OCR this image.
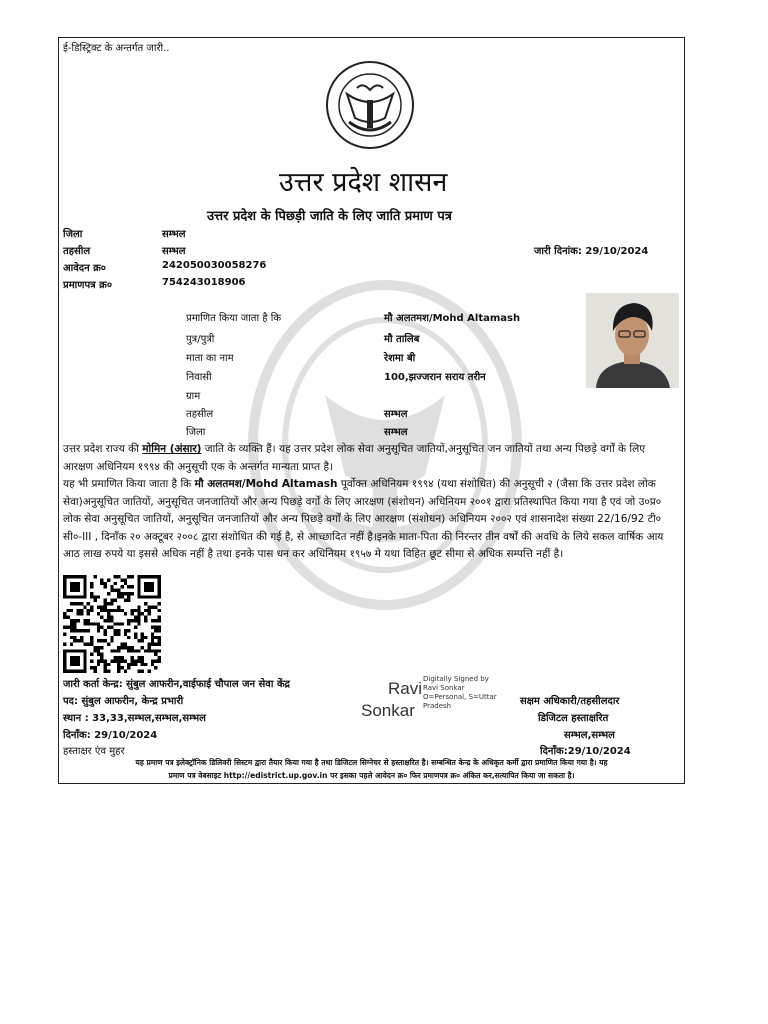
ई-डिस्ट्रिक्ट के अन्तर्गत जारी..
उत्तर प्रदेश शासन
उत्तर प्रदेश के पिछड़ी जाति के लिए जाति प्रमाण पत्र
जिला	सम्भल
तहसील	सम्भल
आवेदन क्र०	242050030058276
प्रमाणपत्र क्र०	754243018906
जारी दिनांक: 29/10/2024
प्रमाणित किया जाता है कि	मौ अलतमश/Mohd Altamash
पुत्र/पुत्री	मौ तालिब
माता का नाम	रेशमा बी
निवासी	100,झज्जरान सराय तरीन
ग्राम
तहसील	सम्भल
जिला	सम्भल
उत्तर प्रदेश राज्य की मोमिन (अंसार) जाति के व्यक्ति हैं। यह उत्तर प्रदेश लोक सेवा अनुसूचित जातियों,अनुसूचित जन जातियों तथा अन्य पिछड़े वर्गों के लिए आरक्षण अधिनियम १९९४ की अनुसूची एक के अन्तर्गत मान्यता प्राप्त है।
यह भी प्रमाणित किया जाता है कि मौ अलतमश/Mohd Altamash पूर्वोक्त अधिनियम १९९४ (यथा संशोधित) की अनुसूची २ (जैसा कि उत्तर प्रदेश लोक सेवा)अनुसूचित जातियों, अनुसूचित जनजातियों और अन्य पिछड़े वर्गों के लिए आरक्षण (संशोधन) अधिनियम २००१ द्वारा प्रतिस्थापित किया गया है एवं जो उ०प्र० लोक सेवा अनुसूचित जातियों, अनुसूचित जनजातियों और अन्य पिछड़े वर्गों के लिए आरक्षण (संशोधन) अधिनियम २००२ एवं शासनादेश संख्या 22/16/92 टी० सी०-III , दिनाँक २० अक्टूबर २००८ द्वारा संशोधित की गई है, से आच्छादित नहीं है।इनके माता-पिता की निरन्तर तीन वर्षों की अवधि के लिये सकल वार्षिक आय आठ लाख रुपये या इससे अधिक नहीं है तथा इनके पास धन कर अधिनियम १९५७ मे यथा विहित छूट सीमा से अधिक सम्पत्ति नहीं है।
जारी कर्ता केन्द्र: सुंबुल आफरीन,वाईफाई चौपाल जन सेवा केंद्र
पद: सुंबुल आफरीन, केन्द्र प्रभारी
स्थान : 33,33,सम्भल,सम्भल,सम्भल
दिनाँक: 29/10/2024
हस्ताक्षर एंव मुहर
Ravi
Sonkar
Digitally Signed by
Ravi Sonkar
O=Personal, S=Uttar
Pradesh	सक्षम अधिकारी/तहसीलदार
डिजिटल हस्ताक्षरित
सम्भल,सम्भल
दिनाँक:29/10/2024
यह प्रमाण पत्र इलेक्ट्रॉनिक डिलिवरी सिस्टम द्वारा तैयार किया गया है तथा डिजिटल सिग्नेचर से हस्ताक्षरित है। सम्बन्धित केन्द्र के अधिकृत कर्मी द्वारा प्रमाणित किया गया है। यह
प्रमाण पत्र वेबसाइट http://edistrict.up.gov.in पर इसका पहले आवेदन क्र० फिर प्रमाणपत्र क्र० अंकित कर,सत्यापित किया जा सकता है।
